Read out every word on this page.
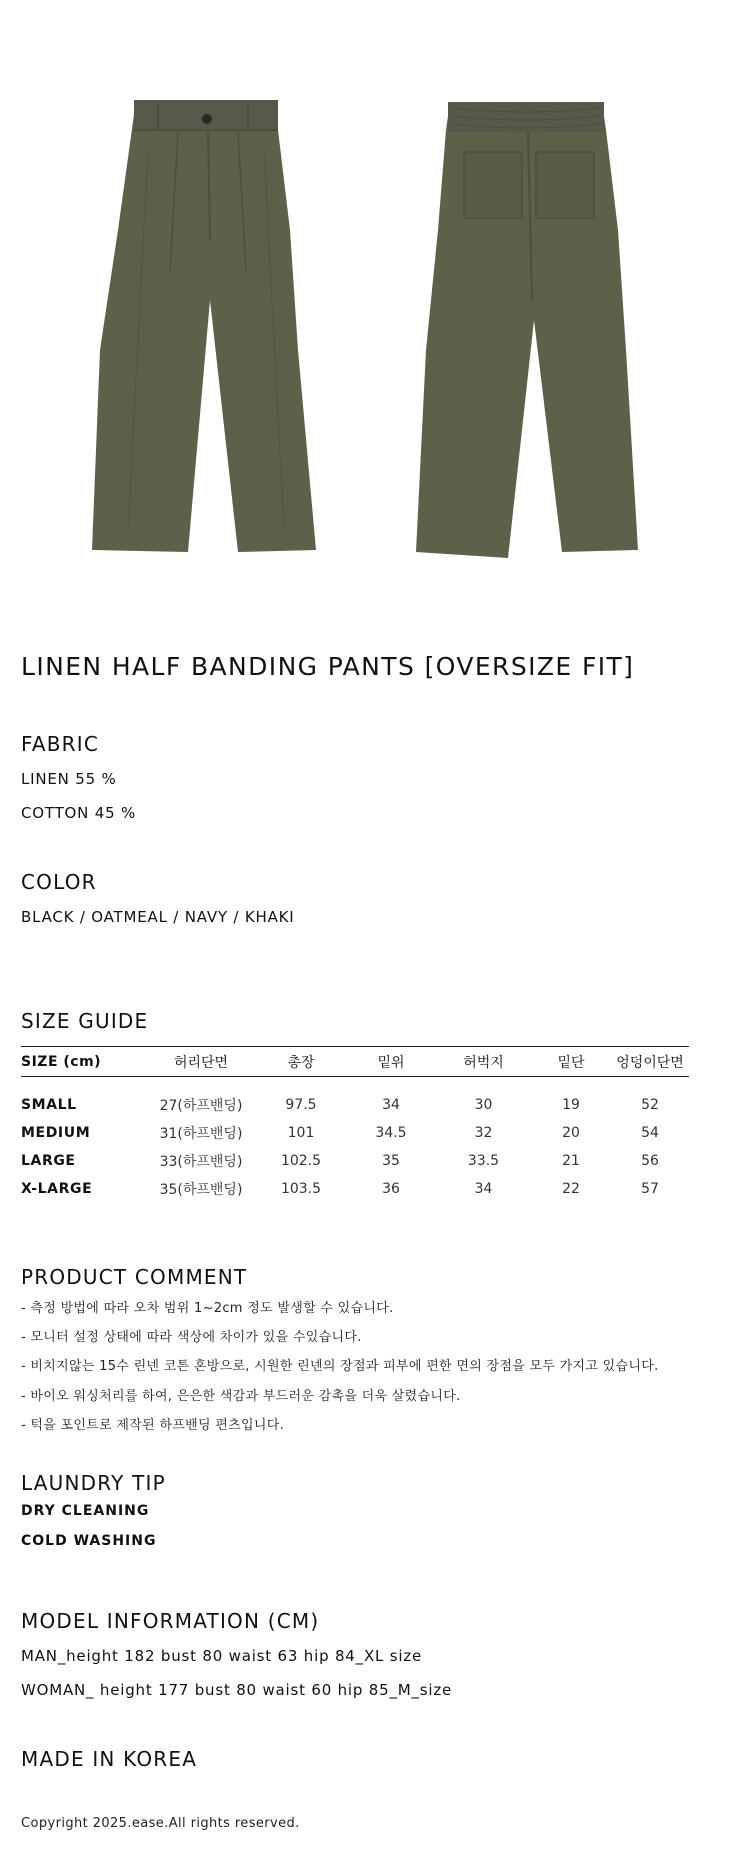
LINEN HALF BANDING PANTS [OVERSIZE FIT]
FABRIC
LINEN 55 %
COTTON 45 %
COLOR
BLACK / OATMEAL / NAVY / KHAKI
SIZE GUIDE
SIZE (cm)	허리단면	총장	밑위	허벅지	밑단	엉덩이단면
SMALL	27(하프밴딩)	97.5	34	30	19	52
MEDIUM	31(하프밴딩)	101	34.5	32	20	54
LARGE	33(하프밴딩)	102.5	35	33.5	21	56
X-LARGE	35(하프밴딩)	103.5	36	34	22	57
PRODUCT COMMENT
- 측정 방법에 따라 오차 범위 1~2cm 정도 발생할 수 있습니다.
- 모니터 설정 상태에 따라 색상에 차이가 있을 수있습니다.
- 비치지않는 15수 린넨 코튼 혼방으로, 시원한 린넨의 장점과 피부에 편한 면의 장점을 모두 가지고 있습니다.
- 바이오 워싱처리를 하여, 은은한 색감과 부드러운 감촉을 더욱 살렸습니다.
- 턱을 포인트로 제작된 하프밴딩 편츠입니다.
LAUNDRY TIP
DRY CLEANING
COLD WASHING
MODEL INFORMATION (CM)
MAN_height 182 bust 80 waist 63 hip 84_XL size
WOMAN_ height 177 bust 80 waist 60 hip 85_M_size
MADE IN KOREA
Copyright 2025.ease.All rights reserved.
